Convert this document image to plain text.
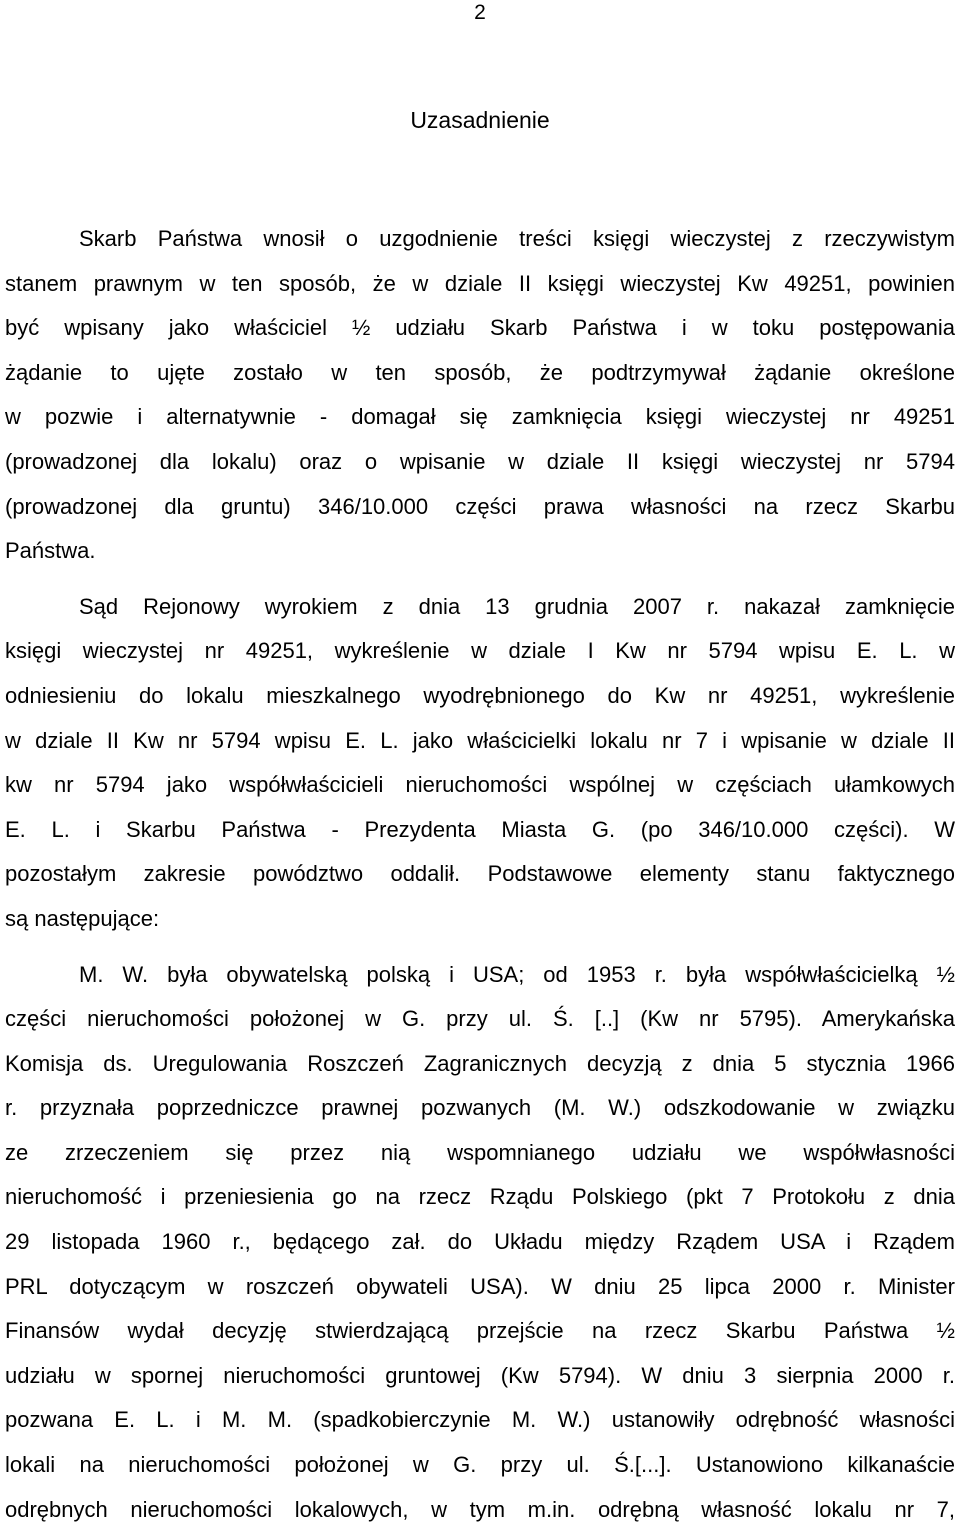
2
Uzasadnienie
Skarb Państwa wnosił o uzgodnienie treści księgi wieczystej z rzeczywistym
stanem prawnym w ten sposób, że w dziale II księgi wieczystej Kw 49251, powinien
być wpisany jako właściciel ½ udziału Skarb Państwa i w toku postępowania
żądanie to ujęte zostało w ten sposób, że podtrzymywał żądanie określone
w pozwie i alternatywnie - domagał się zamknięcia księgi wieczystej nr 49251
(prowadzonej dla lokalu) oraz o wpisanie w dziale II księgi wieczystej nr 5794
(prowadzonej dla gruntu) 346/10.000 części prawa własności na rzecz Skarbu
Państwa.
Sąd Rejonowy wyrokiem z dnia 13 grudnia 2007 r. nakazał zamknięcie
księgi wieczystej nr 49251, wykreślenie w dziale I Kw nr 5794 wpisu E. L. w
odniesieniu do lokalu mieszkalnego wyodrębnionego do Kw nr 49251, wykreślenie
w dziale II Kw nr 5794 wpisu E. L. jako właścicielki lokalu nr 7 i wpisanie w dziale II
kw nr 5794 jako współwłaścicieli nieruchomości wspólnej w częściach ułamkowych
E. L. i Skarbu Państwa - Prezydenta Miasta G. (po 346/10.000 części). W
pozostałym zakresie powództwo oddalił. Podstawowe elementy stanu faktycznego
są następujące:
M. W. była obywatelską polską i USA; od 1953 r. była współwłaścicielką ½
części nieruchomości położonej w G. przy ul. Ś. [..] (Kw nr 5795). Amerykańska
Komisja ds. Uregulowania Roszczeń Zagranicznych decyzją z dnia 5 stycznia 1966
r. przyznała poprzedniczce prawnej pozwanych (M. W.) odszkodowanie w związku
ze zrzeczeniem się przez nią wspomnianego udziału we współwłasności
nieruchomość i przeniesienia go na rzecz Rządu Polskiego (pkt 7 Protokołu z dnia
29 listopada 1960 r., będącego zał. do Układu między Rządem USA i Rządem
PRL dotyczącym w roszczeń obywateli USA). W dniu 25 lipca 2000 r. Minister
Finansów wydał decyzję stwierdzającą przejście na rzecz Skarbu Państwa ½
udziału w spornej nieruchomości gruntowej (Kw 5794). W dniu 3 sierpnia 2000 r.
pozwana E. L. i M. M. (spadkobierczynie M. W.) ustanowiły odrębność własności
lokali na nieruchomości położonej w G. przy ul. Ś.[...]. Ustanowiono kilkanaście
odrębnych nieruchomości lokalowych, w tym m.in. odrębną własność lokalu nr 7,
